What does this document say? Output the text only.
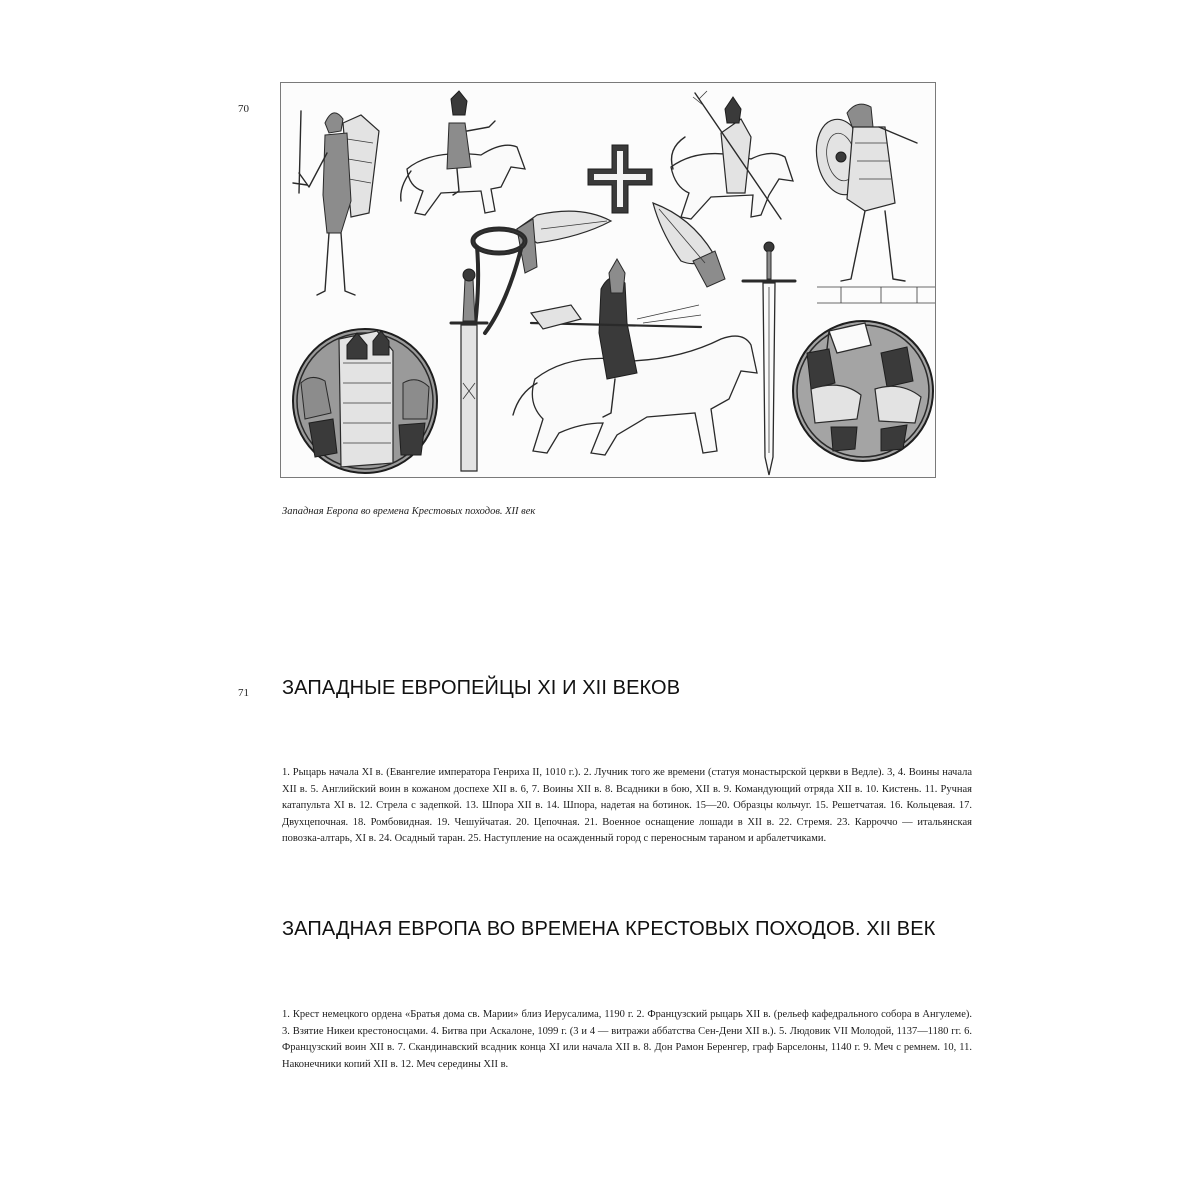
70
Западная Европа во времена Крестовых походов. XII век
71 ЗАПАДНЫЕ ЕВРОПЕЙЦЫ XI И XII ВЕКОВ

1. Рыцарь начала XI в. (Евангелие императора Генриха II, 1010 г.). 2. Лучник того же времени (статуя монастырской церкви в Ведле). 3, 4. Воины начала XII в. 5. Английский воин в кожаном доспехе XII в. 6, 7. Воины XII в. 8. Всадники в бою, XII в. 9. Командующий отряда XII в. 10. Кистень. 11. Ручная катапульта XI в. 12. Стрела с задепкой. 13. Шпора XII в. 14. Шпора, надетая на ботинок. 15—20. Образцы кольчуг. 15. Решетчатая. 16. Кольцевая. 17. Двухцепочная. 18. Ромбовидная. 19. Чешуйчатая. 20. Цепочная. 21. Военное оснащение лошади в XII в. 22. Стремя. 23. Карроччо — итальянская повозка-алтарь, XI в. 24. Осадный таран. 25. Наступление на осажденный город с переносным тараном и арбалетчиками.

ЗАПАДНАЯ ЕВРОПА ВО ВРЕМЕНА КРЕСТОВЫХ ПОХОДОВ. XII ВЕК

1. Крест немецкого ордена «Братья дома св. Марии» близ Иерусалима, 1190 г. 2. Французский рыцарь XII в. (рельеф кафедрального собора в Ангулеме). 3. Взятие Никеи крестоносцами. 4. Битва при Аскалоне, 1099 г. (3 и 4 — витражи аббатства Сен-Дени XII в.). 5. Людовик VII Молодой, 1137—1180 гг. 6. Французский воин XII в. 7. Скандинавский всадник конца XI или начала XII в. 8. Дон Рамон Беренгер, граф Барселоны, 1140 г. 9. Меч с ремнем. 10, 11. Наконечники копий XII в. 12. Меч середины XII в.
